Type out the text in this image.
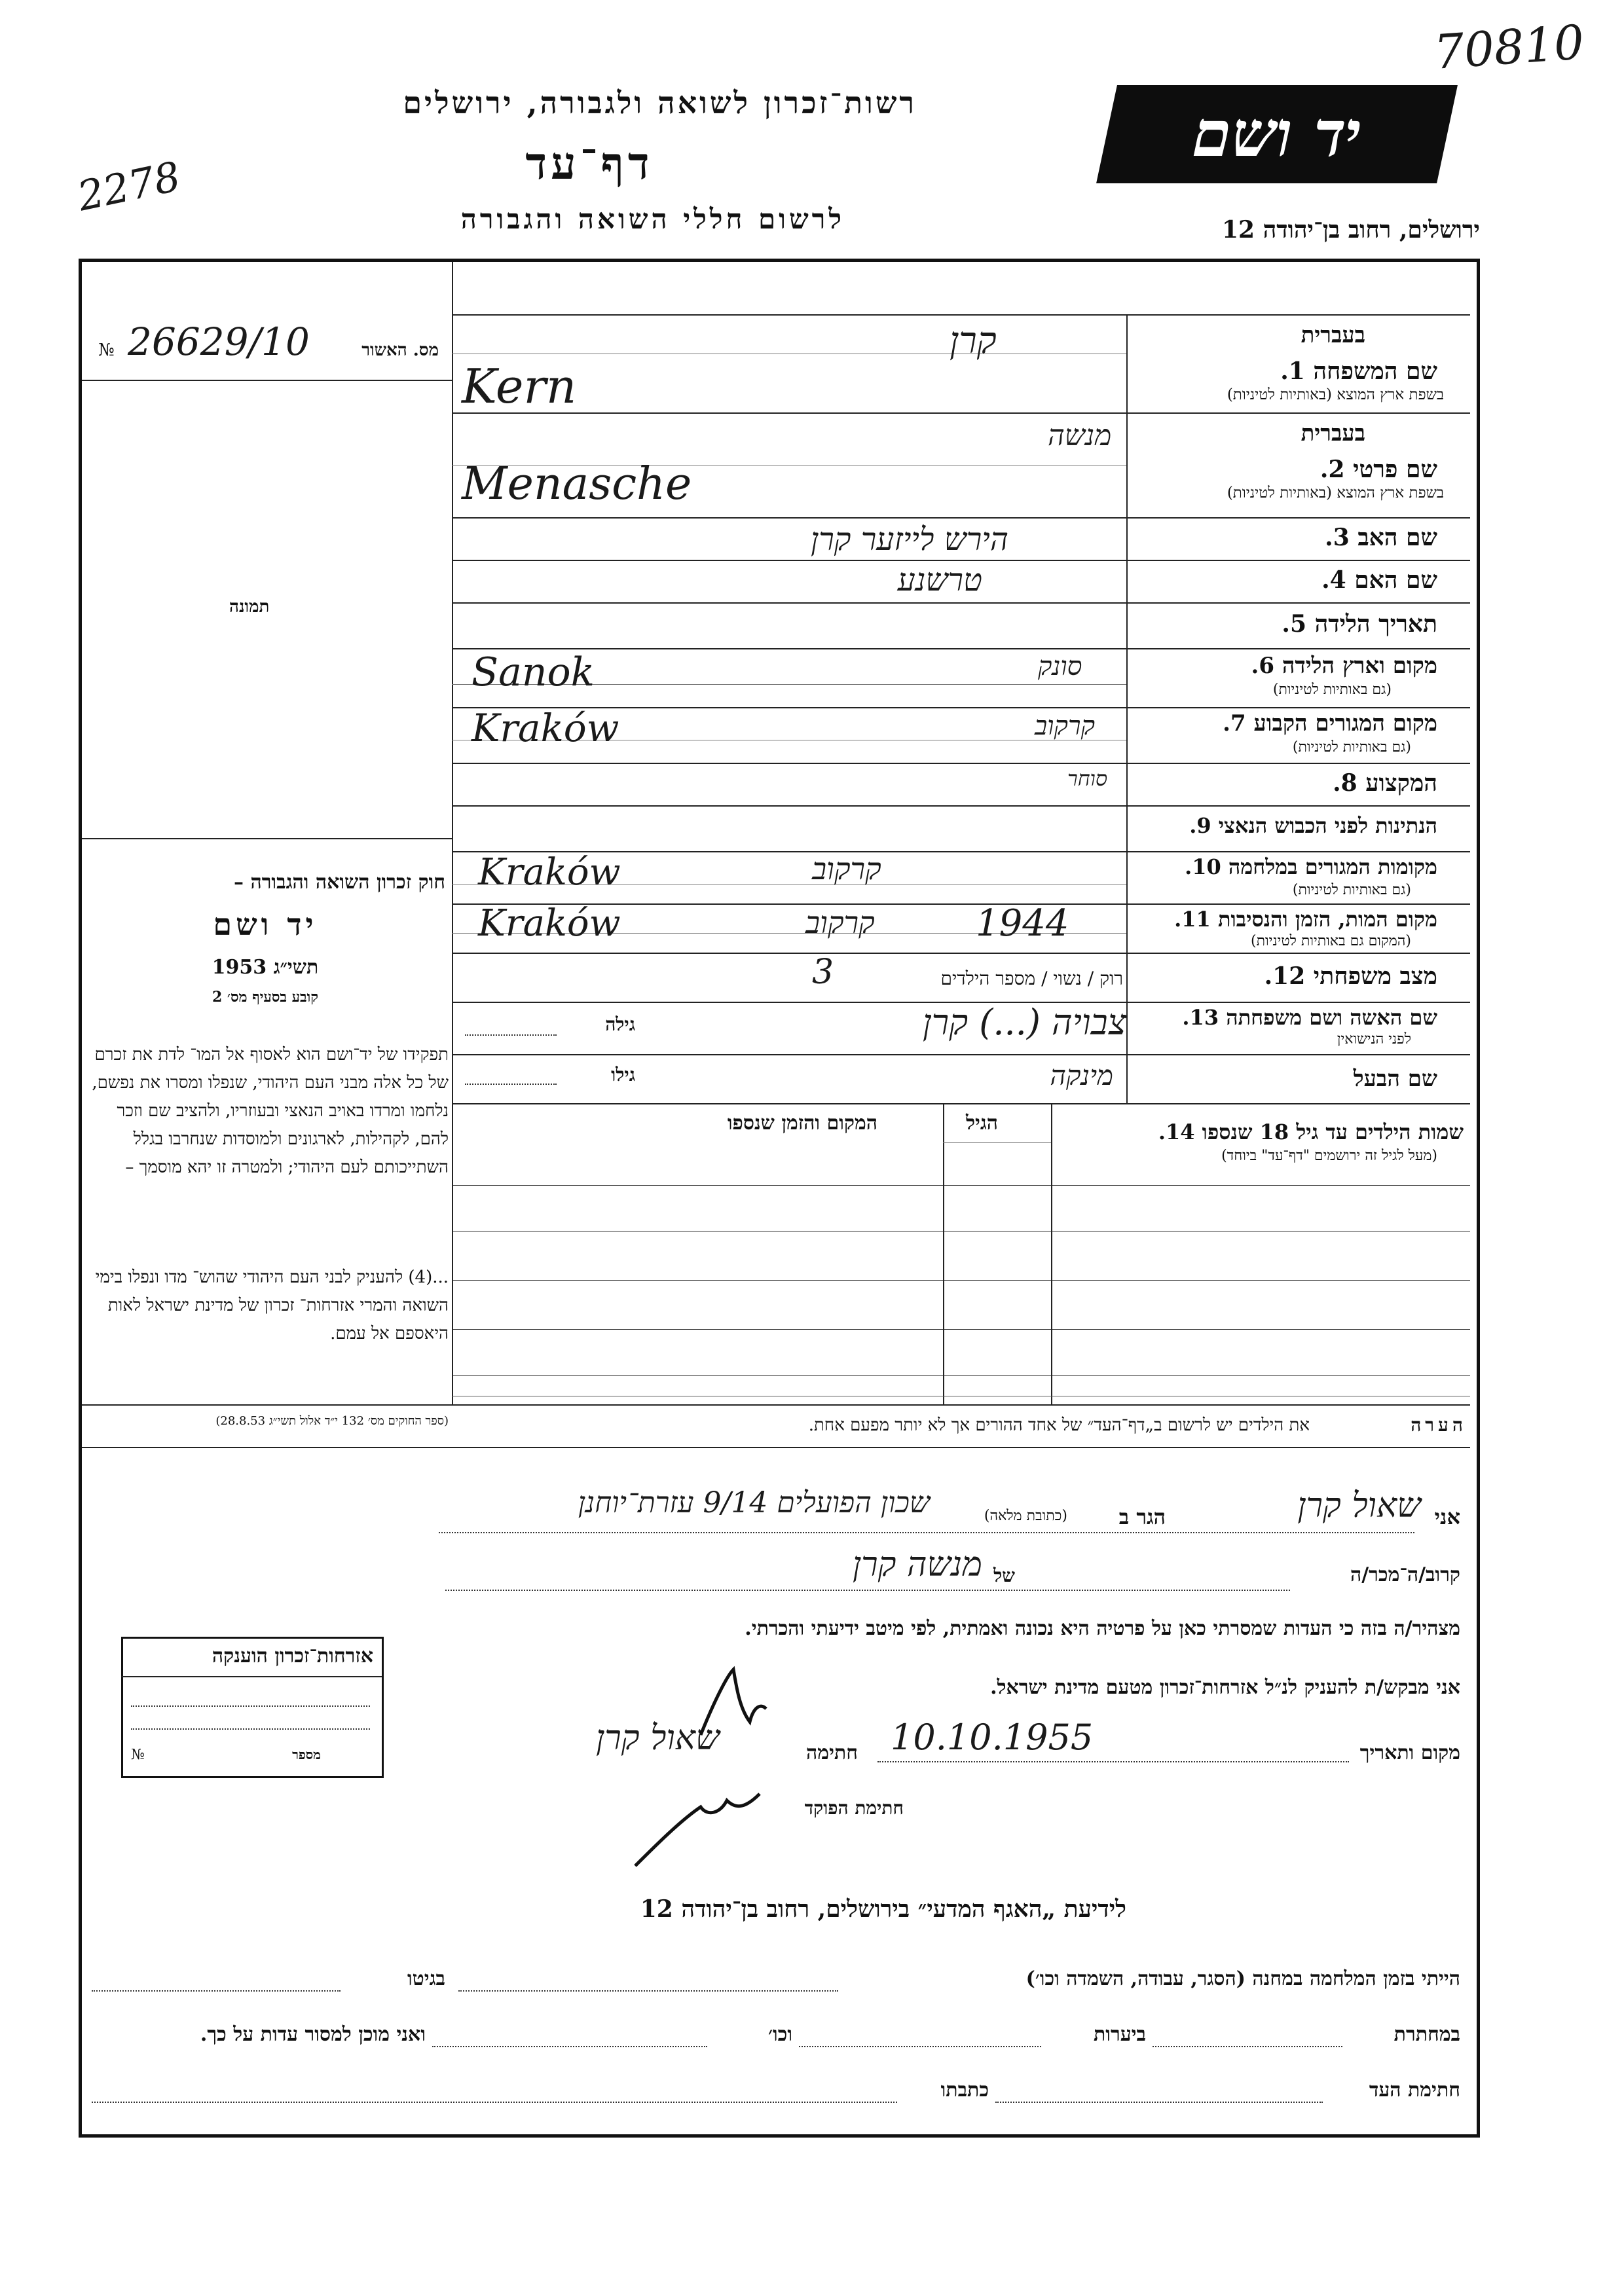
70810
2278
רשות־זכרון לשואה ולגבורה, ירושלים
דף־עד
לרשום חללי השואה והגבורה
יד ושם
ירושלים, רחוב בן־יהודה 12
№ 26629/10	מס. האשור
תמונה
בעברית
שם המשפחה 1.
בשפת ארץ המוצא (באותיות לטיניות)
בעברית
שם פרטי 2.
בשפת ארץ המוצא (באותיות לטיניות)
שם האב 3.
שם האם 4.
תאריך הלידה 5.
מקום וארץ הלידה 6.
(גם באותיות לטיניות)
מקום המגורים הקבוע 7.
(גם באותיות לטיניות)
המקצוע 8.
הנתינות לפני הכבוש הנאצי 9.
מקומות המגורים במלחמה 10.
(גם באותיות לטיניות)
מקום המות, הזמן והנסיבות 11.
(המקום גם באותיות לטיניות)
מצב משפחתי 12.
שם האשה ושם משפחתה 13.
לפני הנישואין
שם הבעל
קרן
Kern
מנשה
Menasche
הירש לייזער קרן
טרשנע
סונק
Sanok
קרקוב
Kraków
סוחר
קרקוב
Kraków
1944
קרקוב
Kraków
רוק / נשוי / מספר הילדים
3
צבויה (...) קרן
גילה
מינקה
גילו
שמות הילדים עד גיל 18 שנספו 14.
(מעל לגיל זה ירושמים "דף־עד" ביוחד)
הגיל
המקום והזמן שנספו
חוק זכרון השואה והגבורה –
יד ושם
תשי״ג 1953
קובע בסעיף מס׳ 2
תפקידו של יד־ושם הוא לאסוף אל המו־ לדת את זכרם של כל אלה מבני העם היהודי, שנפלו ומסרו את נפשם, נלחמו ומרדו באויב הנאצי ובעוזריו, ולהציב שם וזכר להם, לקהילות, לארגונים ולמוסדות שנחרבו בגלל השתייכותם לעם היהודי; ולמטרה זו יהא מוסמך –
...(4) להעניק לבני העם היהודי שהוש־ מדו ונפלו בימי השואה והמרי אזרחות־ זכרון של מדינת ישראל לאות היאספם אל עמם.
(ספר החוקים מס׳ 132 י״ד אלול תשי״ג 28.8.53)	הערה
את הילדים יש לרשום ב„דף־העד״ של אחד ההורים אך לא יותר מפעם אחת.
אני
שאול קרן
הגר ב
(כתובת מלאה)
שכון הפועלים 9/14 עזרת־יוחנן
קרוב/ה־מכר/ה
של
מנשה קרן
מצהיר/ה בזה כי העדות שמסרתי כאן על פרטיה היא נכונה ואמתית, לפי מיטב ידיעתי והכרתי.
אני מבקש/ת להעניק לנ״ל אזרחות־זכרון מטעם מדינת ישראל.
מקום ותאריך
10.10.1955
חתימה
שאול קרן
חתימת הפוקד
אזרחות־זכרון הוענקה
מספר
№
לידיעת „האגף המדעי״ בירושלים, רחוב בן־יהודה 12
הייתי בזמן המלחמה במחנה (הסגר, עבודה, השמדה וכו׳)
בגיטו
במחתרת
ביערות
וכו׳
ואני מוכן למסור עדות על כך.
חתימת העד
כתבתו
